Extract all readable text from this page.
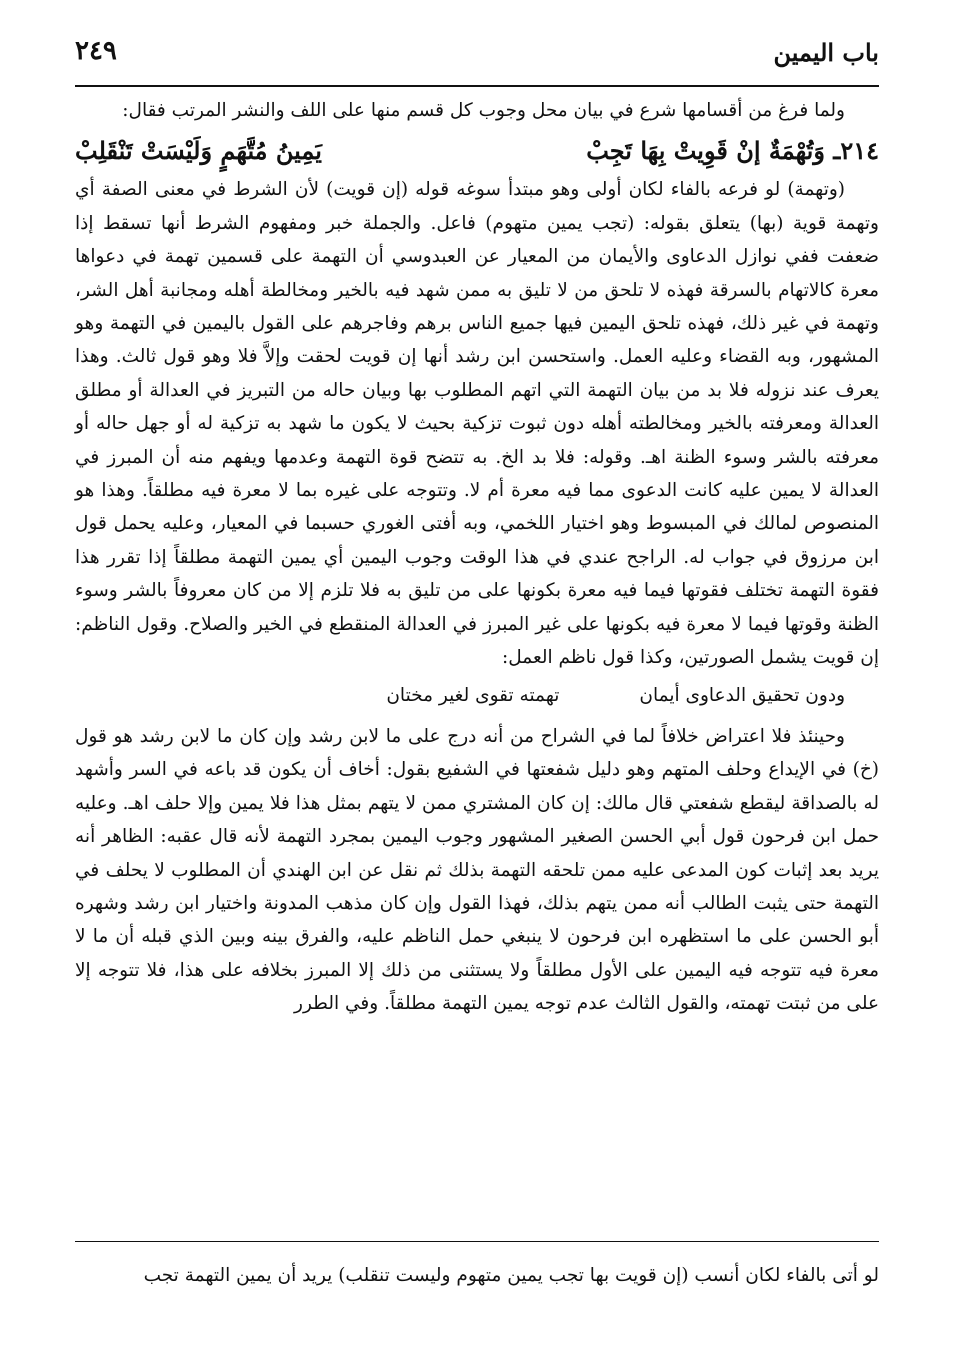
باب اليمين
٢٤٩

ولما فرغ من أقسامها شرع في بيان محل وجوب كل قسم منها على اللف والنشر المرتب فقال:

٢١٤ـ وَتُهْمَةٌ إنْ قَوِيتْ بِهَا تَجِبْ
يَمِينُ مُتَّهَمٍ وَلَيْسَتْ تَنْقَلِبْ

(وتهمة) لو فرعه بالفاء لكان أولى وهو مبتدأ سوغه قوله (إن قويت) لأن الشرط في معنى الصفة أي وتهمة قوية (بها) يتعلق بقوله: (تجب يمين متهوم) فاعل. والجملة خبر ومفهوم الشرط أنها تسقط إذا ضعفت ففي نوازل الدعاوى والأيمان من المعيار عن العبدوسي أن التهمة على قسمين تهمة في دعواها معرة كالاتهام بالسرقة فهذه لا تلحق من لا تليق به ممن شهد فيه بالخير ومخالطة أهله ومجانبة أهل الشر، وتهمة في غير ذلك، فهذه تلحق اليمين فيها جميع الناس برهم وفاجرهم على القول باليمين في التهمة وهو المشهور، وبه القضاء وعليه العمل. واستحسن ابن رشد أنها إن قويت لحقت وإلاَّ فلا وهو قول ثالث. وهذا يعرف عند نزوله فلا بد من بيان التهمة التي اتهم المطلوب بها وبيان حاله من التبريز في العدالة أو مطلق العدالة ومعرفته بالخير ومخالطته أهله دون ثبوت تزكية بحيث لا يكون ما شهد به تزكية له أو جهل حاله أو معرفته بالشر وسوء الظنة اهـ. وقوله: فلا بد الخ. به تتضح قوة التهمة وعدمها ويفهم منه أن المبرز في العدالة لا يمين عليه كانت الدعوى مما فيه معرة أم لا. وتتوجه على غيره بما لا معرة فيه مطلقاً. وهذا هو المنصوص لمالك في المبسوط وهو اختيار اللخمي، وبه أفتى الغوري حسبما في المعيار، وعليه يحمل قول ابن مرزوق في جواب له. الراجح عندي في هذا الوقت وجوب اليمين أي يمين التهمة مطلقاً إذا تقرر هذا فقوة التهمة تختلف فقوتها فيما فيه معرة بكونها على من تليق به فلا تلزم إلا من كان معروفاً بالشر وسوء الظنة وقوتها فيما لا معرة فيه بكونها على غير المبرز في العدالة المنقطع في الخير والصلاح. وقول الناظم: إن قويت يشمل الصورتين، وكذا قول ناظم العمل:

ودون تحقيق الدعاوى أيمان
تهمته تقوى لغير مختان

وحينئذ فلا اعتراض خلافاً لما في الشراح من أنه درج على ما لابن رشد وإن كان ما لابن رشد هو قول (خ) في الإيداع وحلف المتهم وهو دليل شفعتها في الشفيع بقول: أخاف أن يكون قد باعه في السر وأشهد له بالصداقة ليقطع شفعتي قال مالك: إن كان المشتري ممن لا يتهم بمثل هذا فلا يمين وإلا حلف اهـ. وعليه حمل ابن فرحون قول أبي الحسن الصغير المشهور وجوب اليمين بمجرد التهمة لأنه قال عقبه: الظاهر أنه يريد بعد إثبات كون المدعى عليه ممن تلحقه التهمة بذلك ثم نقل عن ابن الهندي أن المطلوب لا يحلف في التهمة حتى يثبت الطالب أنه ممن يتهم بذلك، فهذا القول وإن كان مذهب المدونة واختيار ابن رشد وشهره أبو الحسن على ما استظهره ابن فرحون لا ينبغي حمل الناظم عليه، والفرق بينه وبين الذي قبله أن ما لا معرة فيه تتوجه فيه اليمين على الأول مطلقاً ولا يستثنى من ذلك إلا المبرز بخلافه على هذا، فلا تتوجه إلا على من ثبتت تهمته، والقول الثالث عدم توجه يمين التهمة مطلقاً. وفي الطرر

لو أتى بالفاء لكان أنسب (إن قويت بها تجب يمين متهوم وليست تنقلب) يريد أن يمين التهمة تجب
